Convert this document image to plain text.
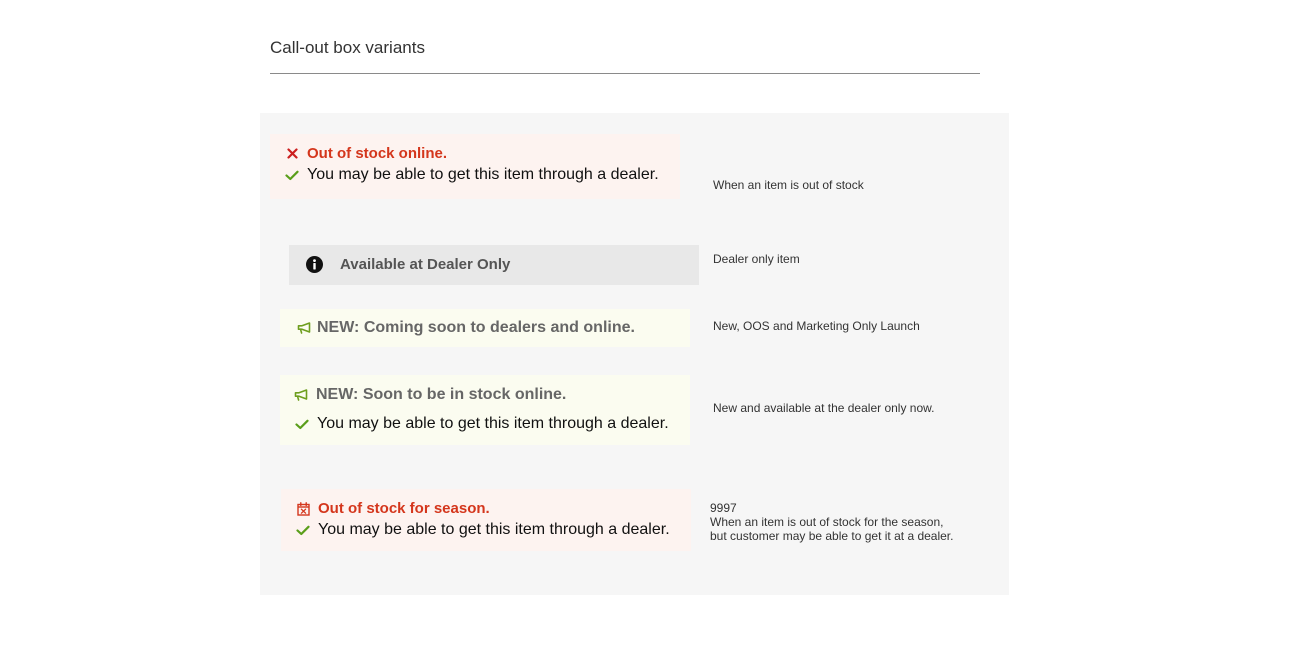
Call-out box variants
Out of stock online.
You may be able to get this item through a dealer.
When an item is out of stock
Available at Dealer Only	Dealer only item
NEW: Coming soon to dealers and online.	New, OOS and Marketing Only Launch
NEW: Soon to be in stock online.
You may be able to get this item through a dealer.
New and available at the dealer only now.
Out of stock for season.
You may be able to get this item through a dealer.
9997
When an item is out of stock for the season,
but customer may be able to get it at a dealer.
